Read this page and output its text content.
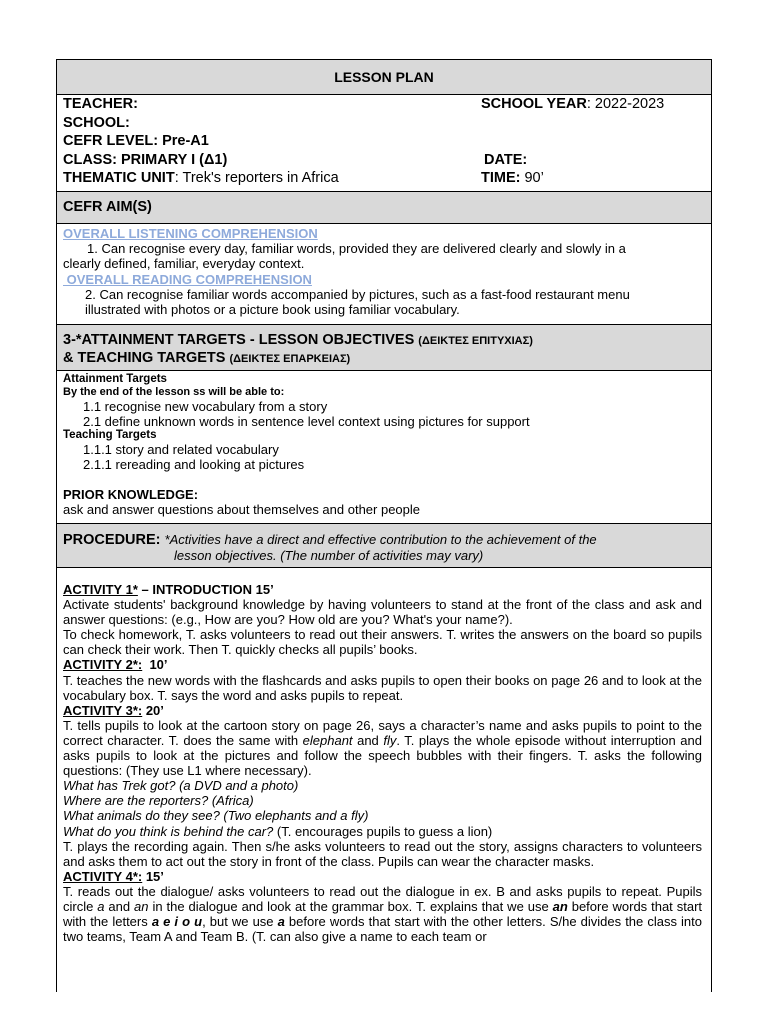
LESSON PLAN
TEACHER:	SCHOOL YEAR: 2022-2023
SCHOOL:
CEFR LEVEL: Pre-A1
CLASS: PRIMARY I (Δ1)	DATE:
THEMATIC UNIT: Trek's reporters in Africa	TIME: 90’
CEFR AIM(S)
OVERALL LISTENING COMPREHENSION
1. Can recognise every day, familiar words, provided they are delivered clearly and slowly in a
clearly defined, familiar, everyday context.
OVERALL READING COMPREHENSION
2. Can recognise familiar words accompanied by pictures, such as a fast-food restaurant menu
illustrated with photos or a picture book using familiar vocabulary.
3-*ATTAINMENT TARGETS - LESSON OBJECTIVES (ΔΕΙΚΤΕΣ ΕΠΙΤΥΧΙΑΣ)
& TEACHING TARGETS (ΔΕΙΚΤΕΣ ΕΠΑΡΚΕΙΑΣ)
Attainment Targets
By the end of the lesson ss will be able to:
1.1 recognise new vocabulary from a story
2.1 define unknown words in sentence level context using pictures for support
Teaching Targets
1.1.1 story and related vocabulary
2.1.1 rereading and looking at pictures
PRIOR KNOWLEDGE:
ask and answer questions about themselves and other people
PROCEDURE: *Activities have a direct and effective contribution to the achievement of the
lesson objectives. (The number of activities may vary)

ACTIVITY 1* – INTRODUCTION 15’

Activate students' background knowledge by having volunteers to stand at the front of the class and ask and answer questions: (e.g., How are you? How old are you? What's your name?).

To check homework, T. asks volunteers to read out their answers. T. writes the answers on the board so pupils can check their work. Then T. quickly checks all pupils’ books.

ACTIVITY 2*:  10’

T. teaches the new words with the flashcards and asks pupils to open their books on page 26 and to look at the vocabulary box. T. says the word and asks pupils to repeat.

ACTIVITY 3*: 20’

T. tells pupils to look at the cartoon story on page 26, says a character’s name and asks pupils to point to the correct character. T. does the same with elephant and fly. T. plays the whole episode without interruption and asks pupils to look at the pictures and follow the speech bubbles with their fingers. T. asks the following questions: (They use L1 where necessary).

What has Trek got? (a DVD and a photo)

Where are the reporters? (Africa)

What animals do they see? (Two elephants and a fly)

What do you think is behind the car? (T. encourages pupils to guess a lion)

T. plays the recording again. Then s/he asks volunteers to read out the story, assigns characters to volunteers and asks them to act out the story in front of the class. Pupils can wear the character masks.

ACTIVITY 4*: 15’

T. reads out the dialogue/ asks volunteers to read out the dialogue in ex. B and asks pupils to repeat. Pupils circle a and an in the dialogue and look at the grammar box. T. explains that we use an before words that start with the letters a e i o u, but we use a before words that start with the other letters. S/he divides the class into two teams, Team A and Team B. (T. can also give a name to each team or
